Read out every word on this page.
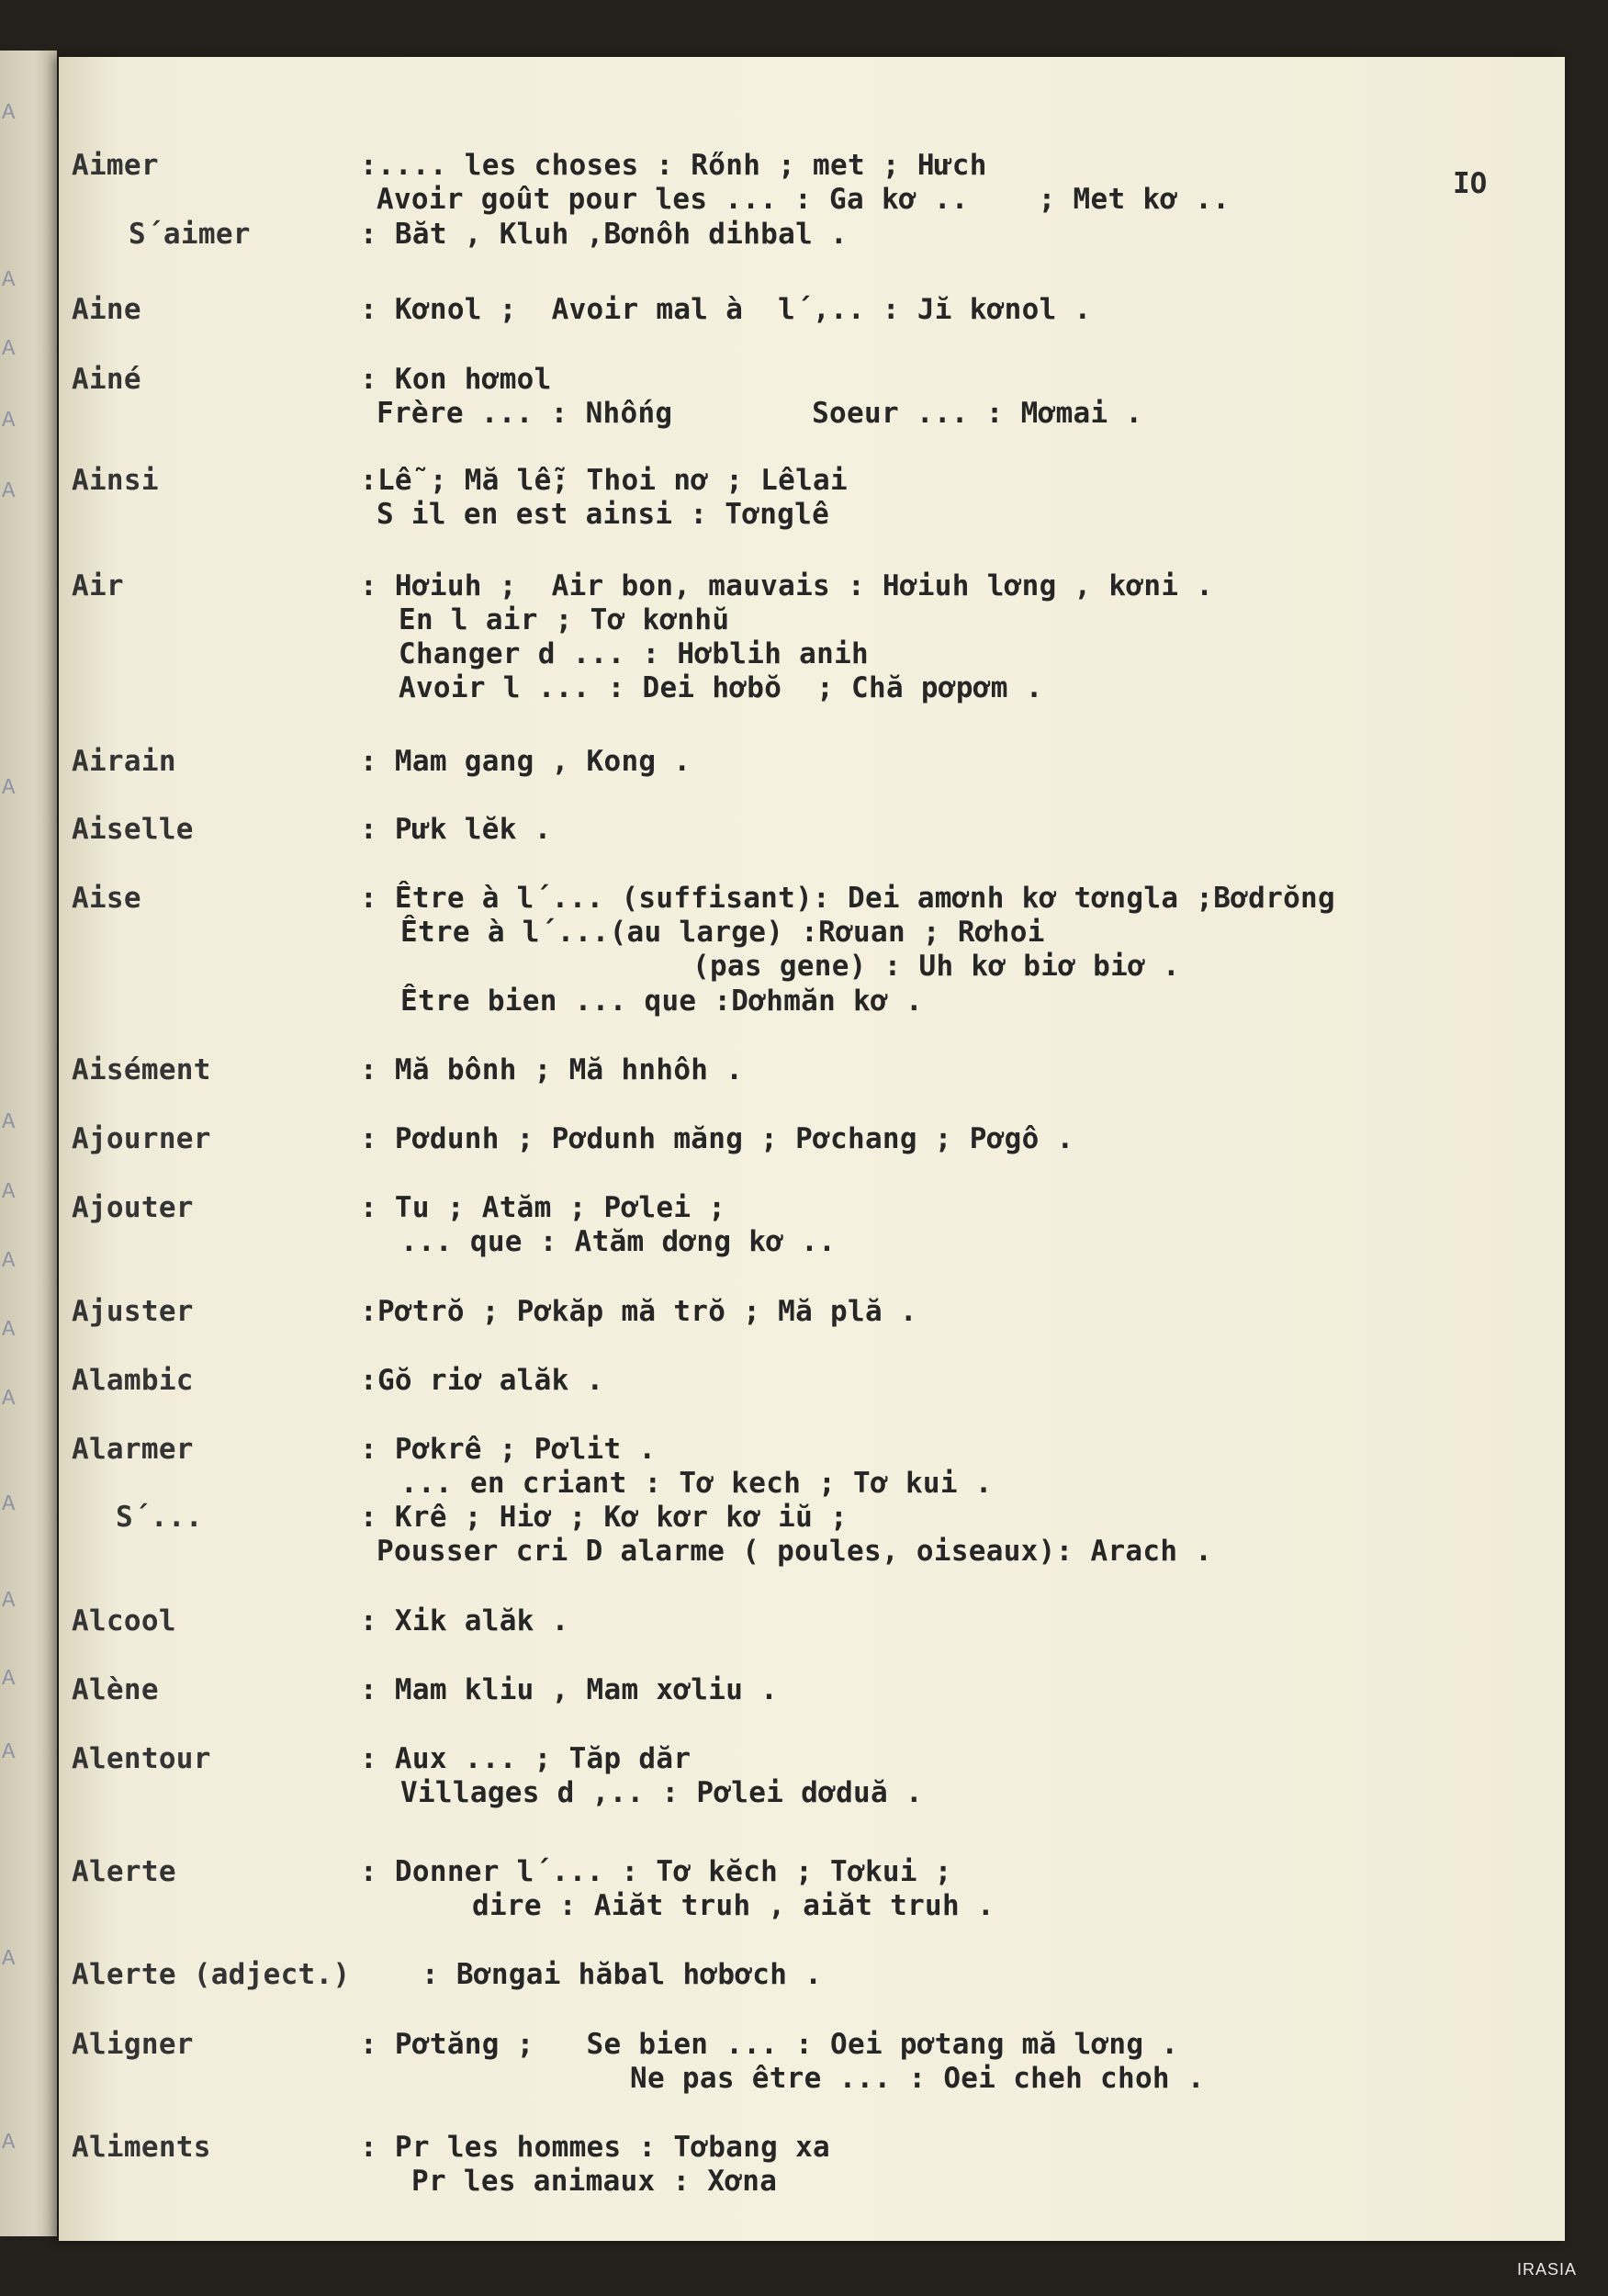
A
A
A
A
A
A
A
A
A
A
A
A
A
A
A
A
A
IO
Aimer	:.... les choses : Rőnh ; met ; Hưch
Avoir goût pour les ... : Ga kơ ..    ; Met kơ ..
S´aimer	: Băt , Kluh ,Bơnôh dihbal .
Aine	: Kơnol ;  Avoir mal à  l´,.. : Jĭ kơnol .
Ainé	: Kon hơmol
Frère ... : Nhống        Soeur ... : Mơmai .
Ainsi	:Lễ ; Mă lễ; Thoi nơ ; Lêlai
S il en est ainsi : Tơnglê
Air	: Hơiuh ;  Air bon, mauvais : Hơiuh lơng , kơni .
En l air ; Tơ kơnhŭ
Changer d ... : Hơblih anih
Avoir l ... : Dei hơbŏ  ; Chă pơpơm .
Airain	: Mam gang , Kong .
Aiselle	: Pưk lĕk .
Aise	: Être à l´... (suffisant): Dei amơnh kơ tơngla ;Bơdrŏng
Être à l´...(au large) :Rơuan ; Rơhoi
(pas gene) : Uh kơ biơ biơ .
Être bien ... que :Dơhmăn kơ .
Aisément	: Mă bônh ; Mă hnhôh .
Ajourner	: Pơdunh ; Pơdunh măng ; Pơchang ; Pơgô .
Ajouter	: Tu ; Atăm ; Pơlei ;
... que : Atăm dơng kơ ..
Ajuster	:Pơtrŏ ; Pơkăp mă trŏ ; Mă plă .
Alambic	:Gŏ riơ alăk .
Alarmer	: Pơkrê ; Pơlit .
... en criant : Tơ kech ; Tơ kui .
S´...	: Krê ; Hiơ ; Kơ kơr kơ iŭ ;
Pousser cri D alarme ( poules, oiseaux): Arach .
Alcool	: Xik alăk .
Alène	: Mam kliu , Mam xơliu .
Alentour	: Aux ... ; Tăp dăr
Villages d ,.. : Pơlei dơduă .
Alerte	: Donner l´... : Tơ kĕch ; Tơkui ;
dire : Aiăt truh , aiăt truh .
Alerte (adject.)	: Bơngai hăbal hơbơch .
Aligner	: Pơtăng ;   Se bien ... : Oei pơtang mă lơng .
Ne pas être ... : Oei cheh choh .
Aliments	: Pr les hommes : Tơbang xa
Pr les animaux : Xơna
IRASIA
